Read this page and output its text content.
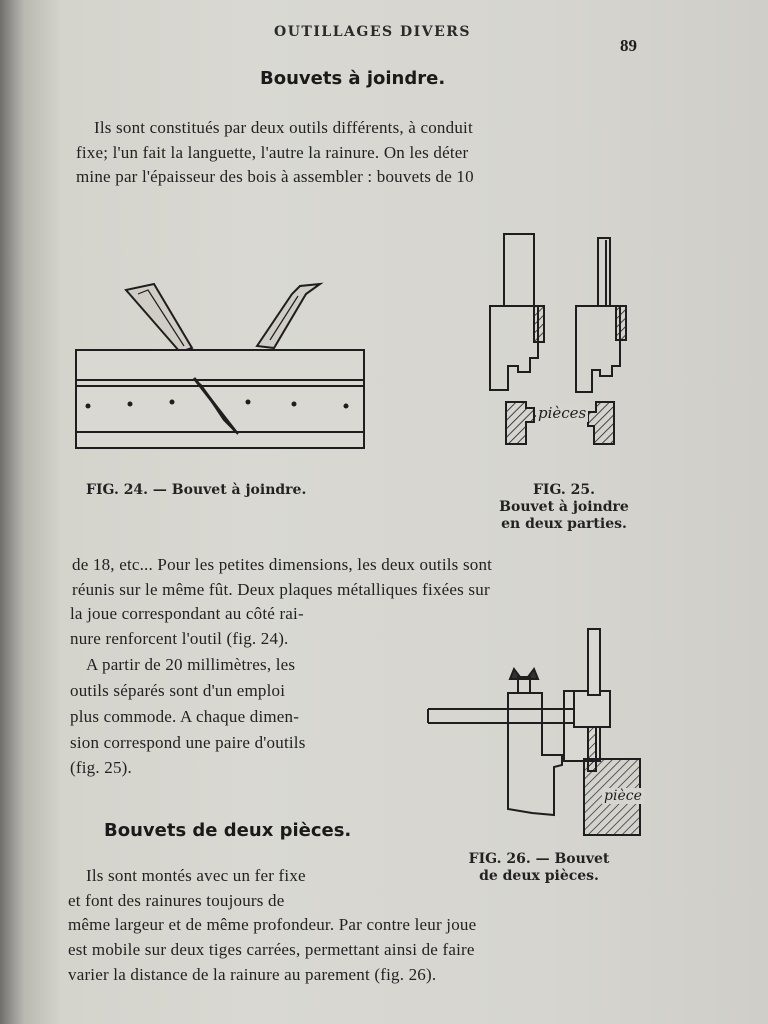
OUTILLAGES DIVERS
89
Bouvets à joindre.
Ils sont constitués par deux outils différents, à conduit
fixe; l'un fait la languette, l'autre la rainure. On les déter
mine par l'épaisseur des bois à assembler : bouvets de 10
FIG. 24. — Bouvet à joindre.
pièces
FIG. 25.
Bouvet à joindre
en deux parties.
de 18, etc... Pour les petites dimensions, les deux outils sont
réunis sur le même fût. Deux plaques métalliques fixées sur
la joue correspondant au côté rai-
nure renforcent l'outil (fig. 24).
A partir de 20 millimètres, les
outils séparés sont d'un emploi
plus commode. A chaque dimen-
sion correspond une paire d'outils
(fig. 25).
pièce
FIG. 26. — Bouvet
de deux pièces.
Bouvets de deux pièces.
Ils sont montés avec un fer fixe
et font des rainures toujours de
même largeur et de même profondeur. Par contre leur joue
est mobile sur deux tiges carrées, permettant ainsi de faire
varier la distance de la rainure au parement (fig. 26).
